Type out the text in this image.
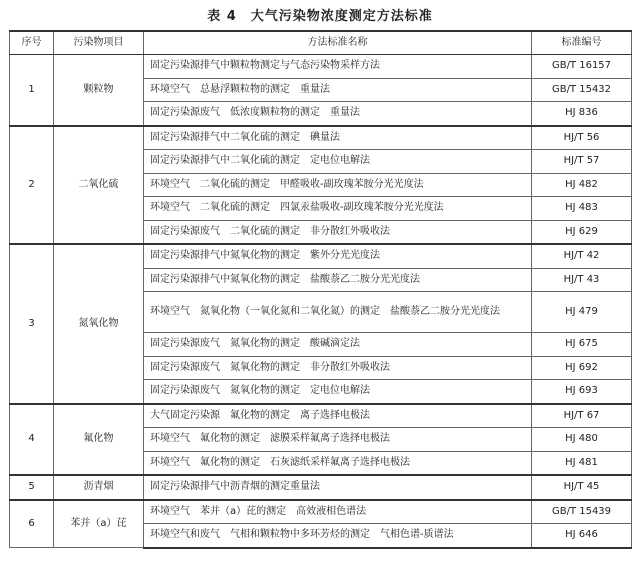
表 4　大气污染物浓度测定方法标准
序号	污染物项目	方法标准名称	标准编号
1	颗粒物	固定污染源排气中颗粒物测定与气态污染物采样方法	GB/T 16157
		环境空气　总悬浮颗粒物的测定　重量法	GB/T 15432
		固定污染源废气　低浓度颗粒物的测定　重量法	HJ 836
2	二氧化硫	固定污染源排气中二氧化硫的测定　碘量法	HJ/T 56
		固定污染源排气中二氧化硫的测定　定电位电解法	HJ/T 57
		环境空气　二氧化硫的测定　甲醛吸收-副玫瑰苯胺分光光度法	HJ 482
		环境空气　二氧化硫的测定　四氯汞盐吸收-副玫瑰苯胺分光光度法	HJ 483
		固定污染源废气　二氧化硫的测定　非分散红外吸收法	HJ 629
3	氮氧化物	固定污染源排气中氮氧化物的测定　紫外分光光度法	HJ/T 42
		固定污染源排气中氮氧化物的测定　盐酸萘乙二胺分光光度法	HJ/T 43
		环境空气　氮氧化物（一氧化氮和二氧化氮）的测定　盐酸萘乙二胺分光光度法	HJ 479
		固定污染源废气　氮氧化物的测定　酸碱滴定法	HJ 675
		固定污染源废气　氮氧化物的测定　非分散红外吸收法	HJ 692
		固定污染源废气　氮氧化物的测定　定电位电解法	HJ 693
4	氟化物	大气固定污染源　氟化物的测定　离子选择电极法	HJ/T 67
		环境空气　氟化物的测定　滤膜采样氟离子选择电极法	HJ 480
		环境空气　氟化物的测定　石灰滤纸采样氟离子选择电极法	HJ 481
5	沥青烟	固定污染源排气中沥青烟的测定重量法	HJ/T 45
6	苯并（a）芘	环境空气　苯并（a）芘的测定　高效液相色谱法	GB/T 15439
		环境空气和废气　气相和颗粒物中多环芳烃的测定　气相色谱-质谱法	HJ 646
